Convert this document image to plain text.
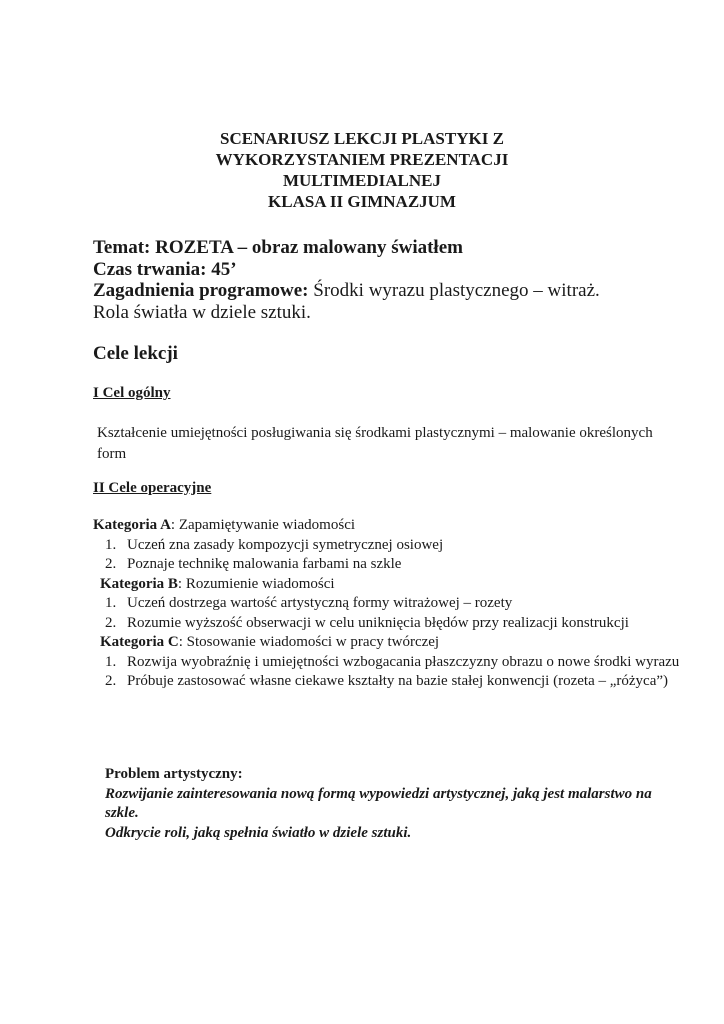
SCENARIUSZ LEKCJI PLASTYKI Z
WYKORZYSTANIEM PREZENTACJI
MULTIMEDIALNEJ
KLASA II GIMNAZJUM
Temat: ROZETA – obraz malowany światłem
Czas trwania: 45’
Zagadnienia programowe: Środki wyrazu plastycznego – witraż.
Rola światła w dziele sztuki.
Cele lekcji
I Cel ogólny
Kształcenie umiejętności posługiwania się środkami plastycznymi – malowanie określonych form
II Cele operacyjne
Kategoria A: Zapamiętywanie wiadomości
1. Uczeń zna zasady kompozycji symetrycznej osiowej
2. Poznaje technikę malowania farbami na szkle
Kategoria B: Rozumienie wiadomości
1. Uczeń dostrzega wartość artystyczną formy witrażowej – rozety
2. Rozumie wyższość obserwacji w celu uniknięcia błędów przy realizacji konstrukcji
Kategoria C: Stosowanie wiadomości w pracy twórczej
1. Rozwija wyobraźnię i umiejętności wzbogacania płaszczyzny obrazu o nowe środki wyrazu
2. Próbuje zastosować własne ciekawe kształty na bazie stałej konwencji (rozeta – „różyca”)
Problem artystyczny:
Rozwijanie zainteresowania nową formą wypowiedzi artystycznej, jaką jest malarstwo na szkle.
Odkrycie roli, jaką spełnia światło w dziele sztuki.
